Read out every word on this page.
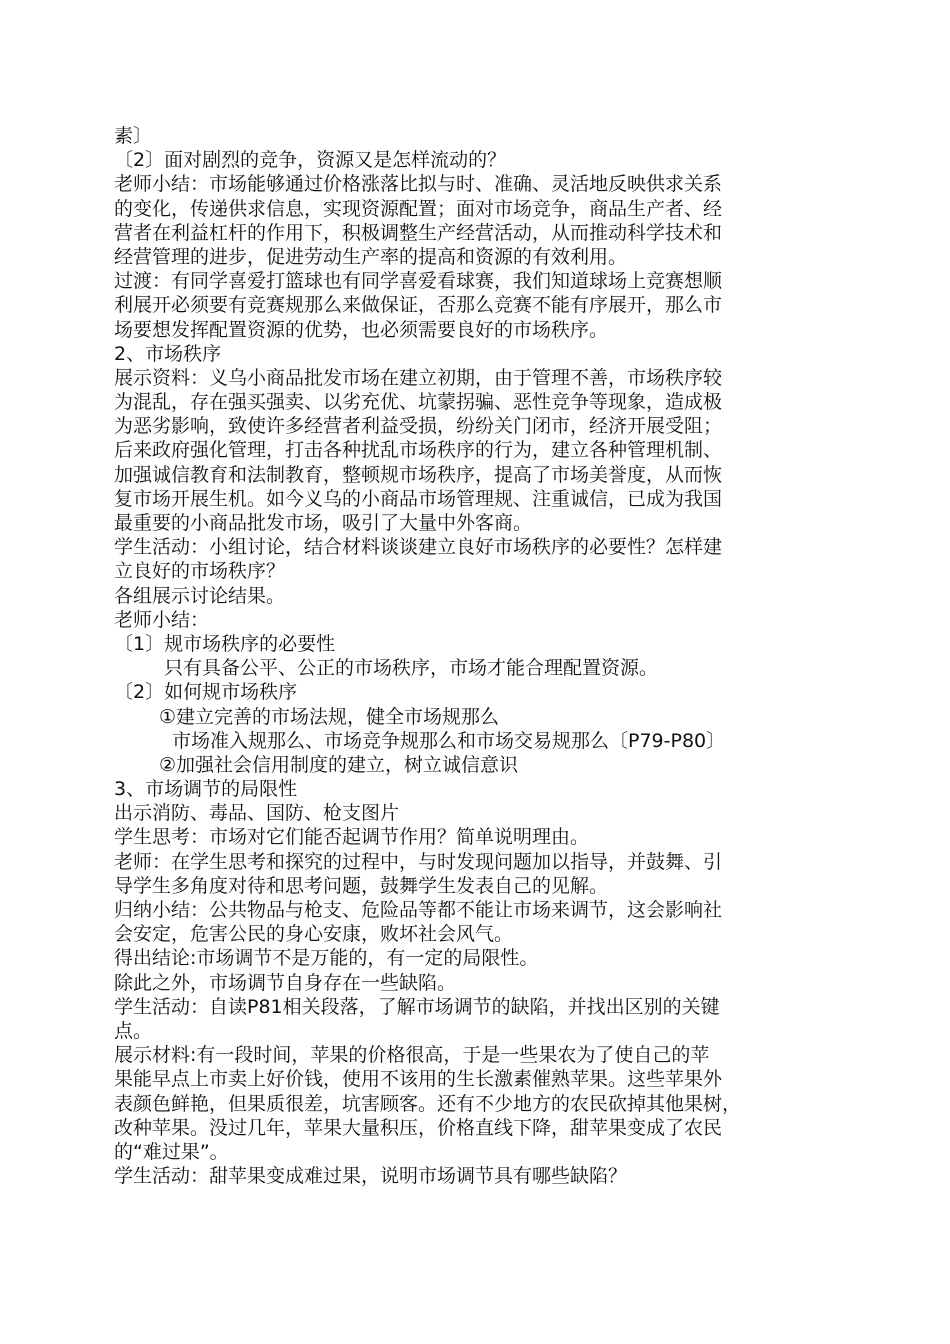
素〕
〔2〕面对剧烈的竞争，资源又是怎样流动的？
老师小结：市场能够通过价格涨落比拟与时、准确、灵活地反映供求关系
的变化，传递供求信息，实现资源配置；面对市场竞争，商品生产者、经
营者在利益杠杆的作用下，积极调整生产经营活动，从而推动科学技术和
经营管理的进步，促进劳动生产率的提高和资源的有效利用。
过渡：有同学喜爱打篮球也有同学喜爱看球赛，我们知道球场上竞赛想顺
利展开必须要有竞赛规那么来做保证，否那么竞赛不能有序展开，那么市
场要想发挥配置资源的优势，也必须需要良好的市场秩序。
2、市场秩序
展示资料：义乌小商品批发市场在建立初期，由于管理不善，市场秩序较
为混乱，存在强买强卖、以劣充优、坑蒙拐骗、恶性竞争等现象，造成极
为恶劣影响，致使许多经营者利益受损，纷纷关门闭市，经济开展受阻；
后来政府强化管理，打击各种扰乱市场秩序的行为，建立各种管理机制、
加强诚信教育和法制教育，整顿规市场秩序，提高了市场美誉度，从而恢
复市场开展生机。如今义乌的小商品市场管理规、注重诚信，已成为我国
最重要的小商品批发市场，吸引了大量中外客商。
学生活动：小组讨论，结合材料谈谈建立良好市场秩序的必要性？怎样建
立良好的市场秩序？
各组展示讨论结果。
老师小结：
〔1〕规市场秩序的必要性
只有具备公平、公正的市场秩序，市场才能合理配置资源。
〔2〕如何规市场秩序
①建立完善的市场法规，健全市场规那么
市场准入规那么、市场竞争规那么和市场交易规那么〔P79-P80〕
②加强社会信用制度的建立，树立诚信意识
3、市场调节的局限性
出示消防、毒品、国防、枪支图片
学生思考：市场对它们能否起调节作用？简单说明理由。
老师：在学生思考和探究的过程中，与时发现问题加以指导，并鼓舞、引
导学生多角度对待和思考问题，鼓舞学生发表自己的见解。
归纳小结：公共物品与枪支、危险品等都不能让市场来调节，这会影响社
会安定，危害公民的身心安康，败坏社会风气。
得出结论:市场调节不是万能的，有一定的局限性。
除此之外，市场调节自身存在一些缺陷。
学生活动：自读P81相关段落，了解市场调节的缺陷，并找出区别的关键
点。
展示材料:有一段时间，苹果的价格很高，于是一些果农为了使自己的苹
果能早点上市卖上好价钱，使用不该用的生长激素催熟苹果。这些苹果外
表颜色鲜艳，但果质很差，坑害顾客。还有不少地方的农民砍掉其他果树，
改种苹果。没过几年，苹果大量积压，价格直线下降，甜苹果变成了农民
的“难过果”。
学生活动：甜苹果变成难过果，说明市场调节具有哪些缺陷？
